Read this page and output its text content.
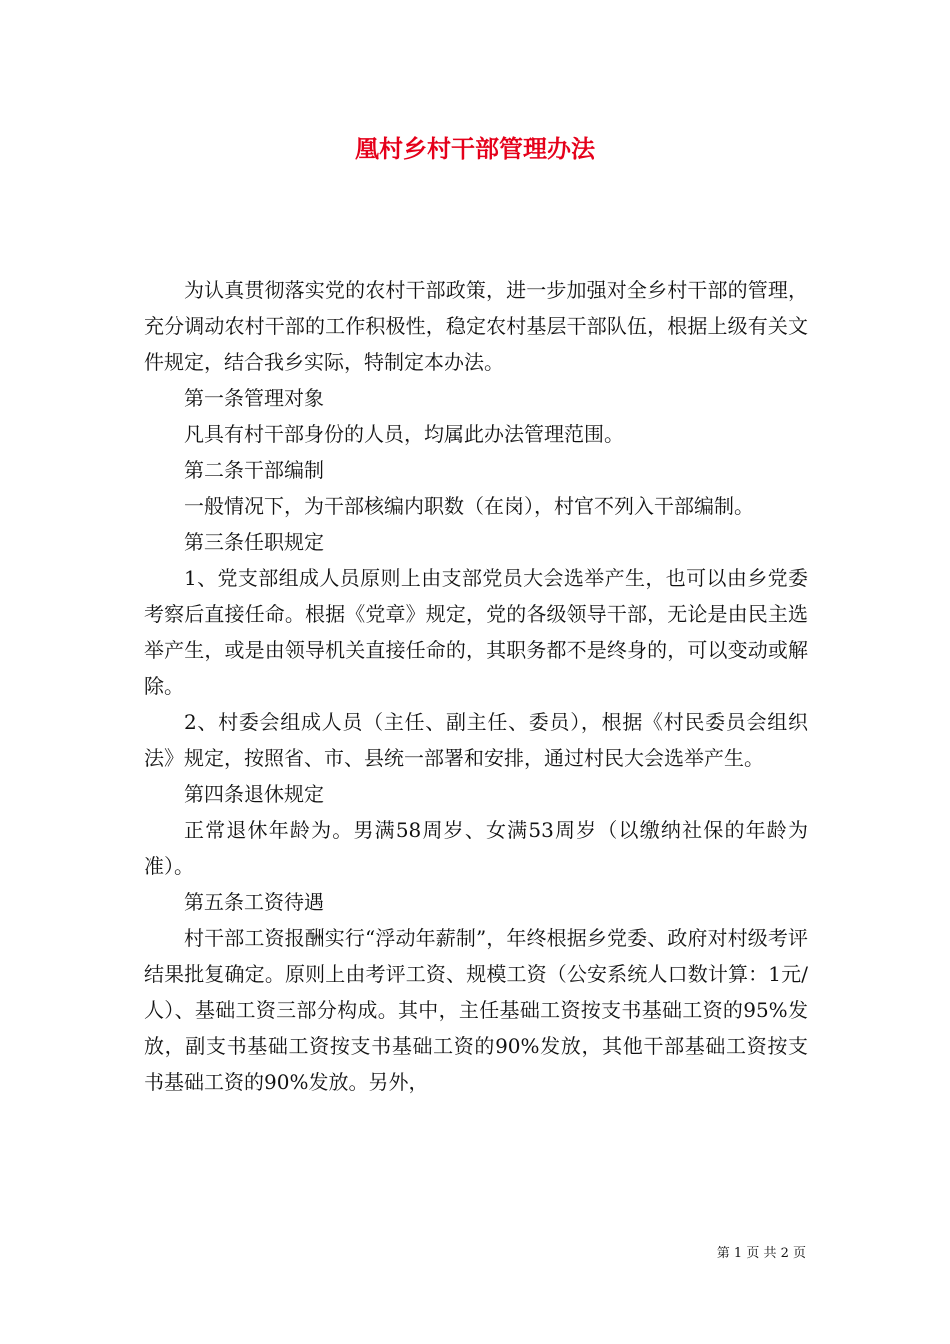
凰村乡村干部管理办法

为认真贯彻落实党的农村干部政策，进一步加强对全乡村干部的管理，充分调动农村干部的工作积极性，稳定农村基层干部队伍，根据上级有关文件规定，结合我乡实际，特制定本办法。

第一条管理对象

凡具有村干部身份的人员，均属此办法管理范围。

第二条干部编制

一般情况下，为干部核编内职数（在岗），村官不列入干部编制。

第三条任职规定

1、党支部组成人员原则上由支部党员大会选举产生，也可以由乡党委考察后直接任命。根据《党章》规定，党的各级领导干部，无论是由民主选举产生，或是由领导机关直接任命的，其职务都不是终身的，可以变动或解除。

2、村委会组成人员（主任、副主任、委员），根据《村民委员会组织法》规定，按照省、市、县统一部署和安排，通过村民大会选举产生。

第四条退休规定

正常退休年龄为。男满58周岁、女满53周岁（以缴纳社保的年龄为准）。

第五条工资待遇

村干部工资报酬实行“浮动年薪制”，年终根据乡党委、政府对村级考评结果批复确定。原则上由考评工资、规模工资（公安系统人口数计算：1元/人）、基础工资三部分构成。其中，主任基础工资按支书基础工资的95%发放，副支书基础工资按支书基础工资的90%发放，其他干部基础工资按支书基础工资的90%发放。另外，

第 1 页 共 2 页
